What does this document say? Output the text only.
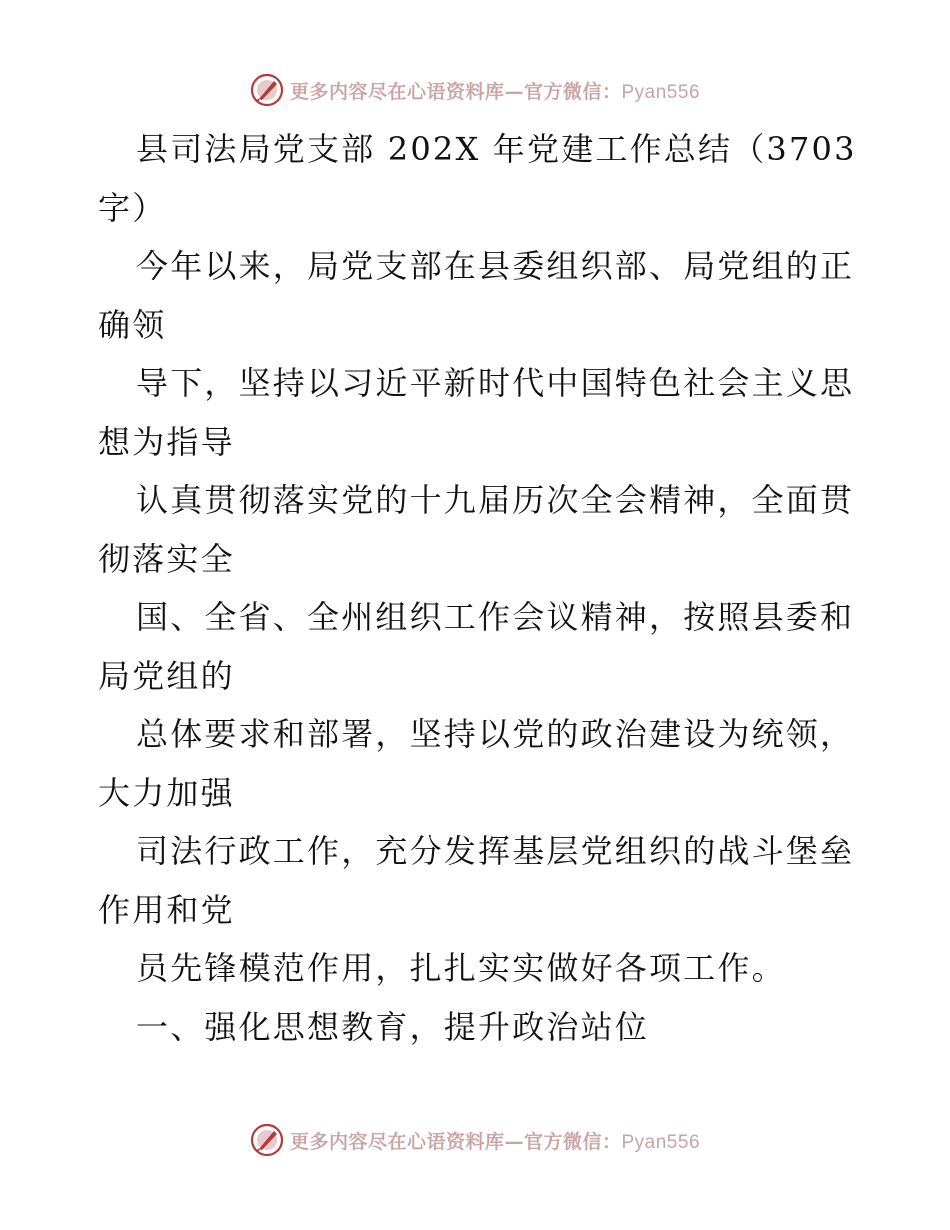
更多内容尽在心语资料库—官方微信：Pyan556
县司法局党支部 202X 年党建工作总结（3703
字）
今年以来，局党支部在县委组织部、局党组的正
确领
导下，坚持以习近平新时代中国特色社会主义思
想为指导
认真贯彻落实党的十九届历次全会精神，全面贯
彻落实全
国、全省、全州组织工作会议精神，按照县委和
局党组的
总体要求和部署，坚持以党的政治建设为统领，
大力加强
司法行政工作，充分发挥基层党组织的战斗堡垒
作用和党
员先锋模范作用，扎扎实实做好各项工作。
一、强化思想教育，提升政治站位
更多内容尽在心语资料库—官方微信：Pyan556
